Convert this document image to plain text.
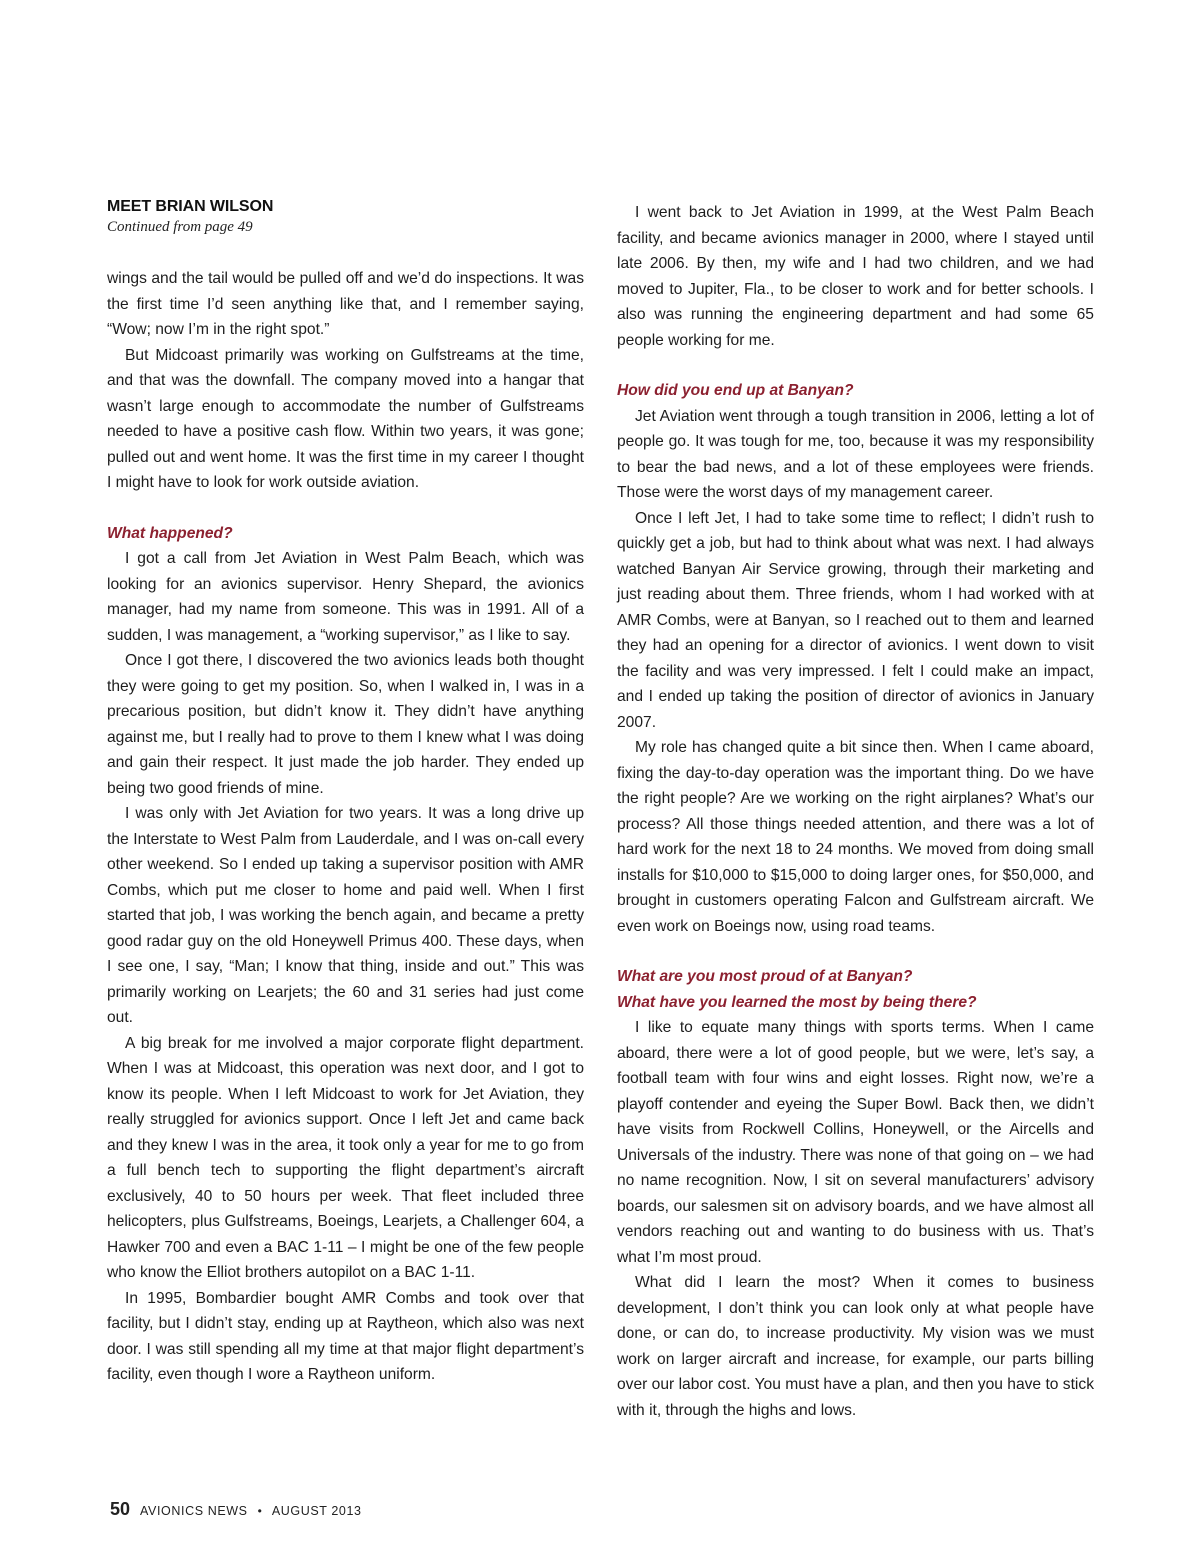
MEET BRIAN WILSON

Continued from page 49

wings and the tail would be pulled off and we’d do inspections. It was the first time I’d seen anything like that, and I remember saying, “Wow; now I’m in the right spot.”

But Midcoast primarily was working on Gulfstreams at the time, and that was the downfall. The company moved into a hangar that wasn’t large enough to accommodate the number of Gulfstreams needed to have a positive cash flow. Within two years, it was gone; pulled out and went home. It was the first time in my career I thought I might have to look for work outside aviation.

What happened?

I got a call from Jet Aviation in West Palm Beach, which was looking for an avionics supervisor. Henry Shepard, the avionics manager, had my name from someone. This was in 1991. All of a sudden, I was management, a “working supervisor,” as I like to say.

Once I got there, I discovered the two avionics leads both thought they were going to get my position. So, when I walked in, I was in a precarious position, but didn’t know it. They didn’t have anything against me, but I really had to prove to them I knew what I was doing and gain their respect. It just made the job harder. They ended up being two good friends of mine.

I was only with Jet Aviation for two years. It was a long drive up the Interstate to West Palm from Lauderdale, and I was on-call every other weekend. So I ended up taking a supervisor position with AMR Combs, which put me closer to home and paid well. When I first started that job, I was working the bench again, and became a pretty good radar guy on the old Honeywell Primus 400. These days, when I see one, I say, “Man; I know that thing, inside and out.” This was primarily working on Learjets; the 60 and 31 series had just come out.

A big break for me involved a major corporate flight department. When I was at Midcoast, this operation was next door, and I got to know its people. When I left Midcoast to work for Jet Aviation, they really struggled for avionics support. Once I left Jet and came back and they knew I was in the area, it took only a year for me to go from a full bench tech to supporting the flight department’s aircraft exclusively, 40 to 50 hours per week. That fleet included three helicopters, plus Gulfstreams, Boeings, Learjets, a Challenger 604, a Hawker 700 and even a BAC 1-11 – I might be one of the few people who know the Elliot brothers autopilot on a BAC 1-11.

In 1995, Bombardier bought AMR Combs and took over that facility, but I didn’t stay, ending up at Raytheon, which also was next door. I was still spending all my time at that major flight department’s facility, even though I wore a Raytheon uniform.

I went back to Jet Aviation in 1999, at the West Palm Beach facility, and became avionics manager in 2000, where I stayed until late 2006. By then, my wife and I had two children, and we had moved to Jupiter, Fla., to be closer to work and for better schools. I also was running the engineering department and had some 65 people working for me.

How did you end up at Banyan?

Jet Aviation went through a tough transition in 2006, letting a lot of people go. It was tough for me, too, because it was my responsibility to bear the bad news, and a lot of these employees were friends. Those were the worst days of my management career.

Once I left Jet, I had to take some time to reflect; I didn’t rush to quickly get a job, but had to think about what was next. I had always watched Banyan Air Service growing, through their marketing and just reading about them. Three friends, whom I had worked with at AMR Combs, were at Banyan, so I reached out to them and learned they had an opening for a director of avionics. I went down to visit the facility and was very impressed. I felt I could make an impact, and I ended up taking the position of director of avionics in January 2007.

My role has changed quite a bit since then. When I came aboard, fixing the day-to-day operation was the important thing. Do we have the right people? Are we working on the right airplanes? What’s our process? All those things needed attention, and there was a lot of hard work for the next 18 to 24 months. We moved from doing small installs for $10,000 to $15,000 to doing larger ones, for $50,000, and brought in customers operating Falcon and Gulfstream aircraft. We even work on Boeings now, using road teams.

What are you most proud of at Banyan?

What have you learned the most by being there?

I like to equate many things with sports terms. When I came aboard, there were a lot of good people, but we were, let’s say, a football team with four wins and eight losses. Right now, we’re a playoff contender and eyeing the Super Bowl. Back then, we didn’t have visits from Rockwell Collins, Honeywell, or the Aircells and Universals of the industry. There was none of that going on – we had no name recognition. Now, I sit on several manufacturers’ advisory boards, our salesmen sit on advisory boards, and we have almost all vendors reaching out and wanting to do business with us. That’s what I’m most proud.

What did I learn the most? When it comes to business development, I don’t think you can look only at what people have done, or can do, to increase productivity. My vision was we must work on larger aircraft and increase, for example, our parts billing over our labor cost. You must have a plan, and then you have to stick with it, through the highs and lows.

50 AVIONICS NEWS • AUGUST 2013
